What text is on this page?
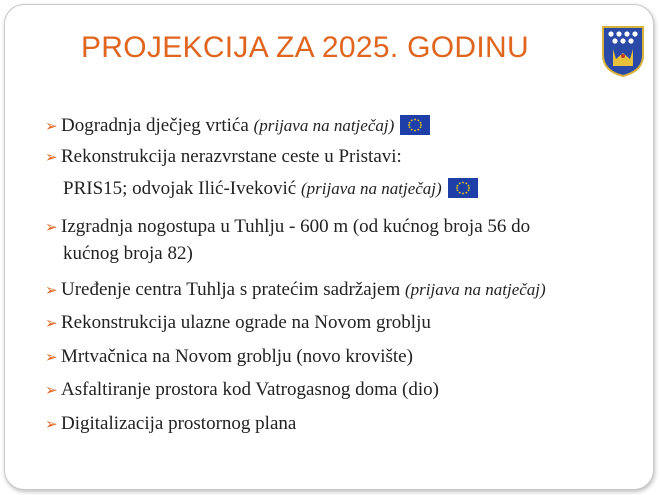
PROJEKCIJA ZA 2025. GODINU
➢ Dogradnja dječjeg vrtića (prijava na natječaj)
➢ Rekonstrukcija nerazvrstane ceste u Pristavi:
PRIS15; odvojak Ilić-Ivеković (prijava na natječaj)
➢ Izgradnja nogostupa u Tuhlju - 600 m (od kućnog broja 56 do
kućnog broja 82)
➢ Uređenje centra Tuhlja s pratećim sadržajem (prijava na natječaj)
➢ Rekonstrukcija ulazne ograde na Novom groblju
➢ Mrtvačnica na Novom groblju (novo krovište)
➢ Asfaltiranje prostora kod Vatrogasnog doma (dio)
➢ Digitalizacija prostornog plana
